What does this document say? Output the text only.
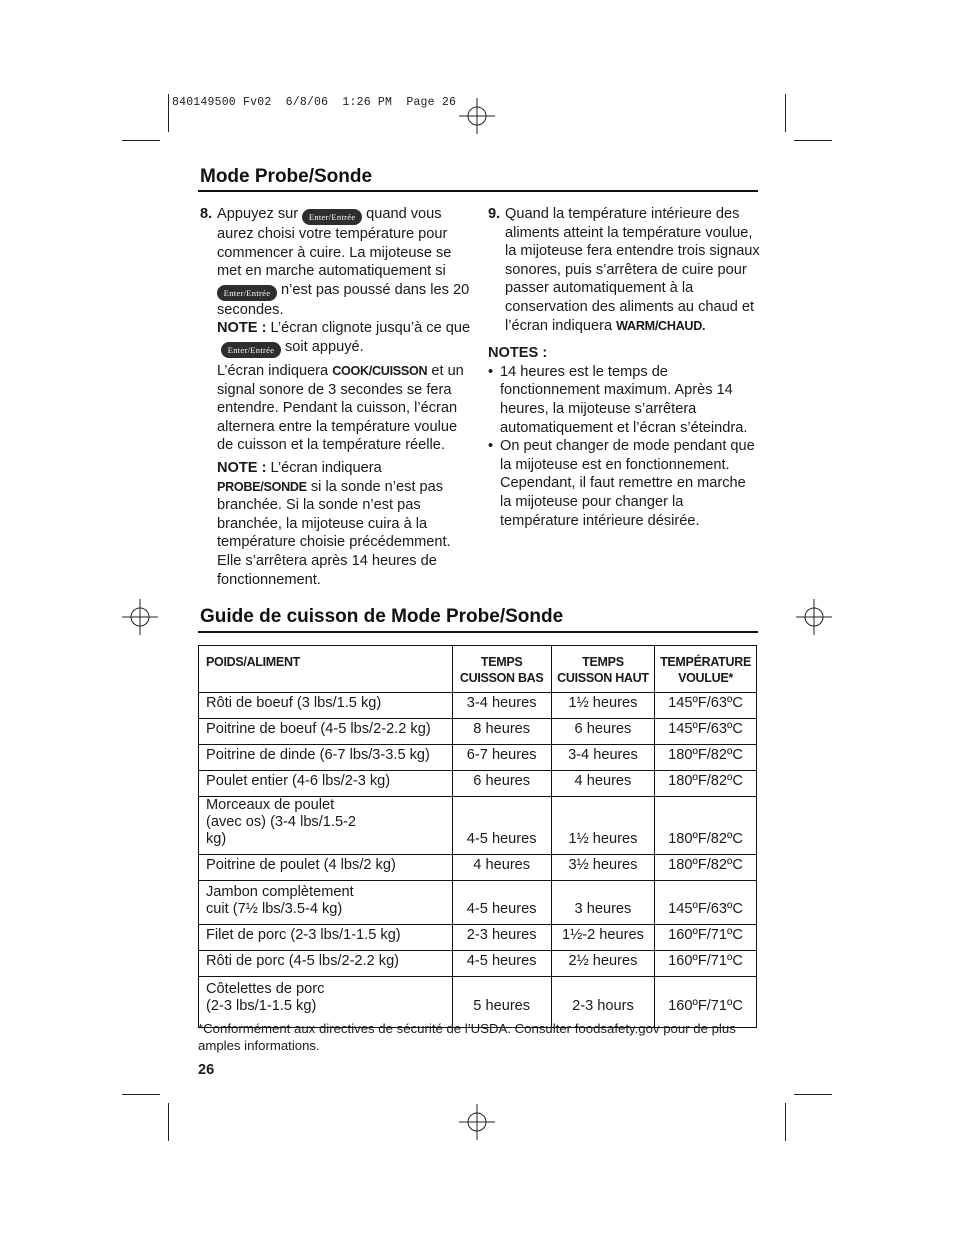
840149500 Fv02  6/8/06  1:26 PM  Page 26
Mode Probe/Sonde
8. Appuyez sur Enter/Entrée quand vous aurez choisi votre température pour commencer à cuire. La mijoteuse se met en marche automatiquement si Enter/Entrée n’est pas poussé dans les 20 secondes.

NOTE : L’écran clignote jusqu’à ce queEnter/Entrée soit appuyé.

L’écran indiquera COOK/CUISSON et un signal sonore de 3 secondes se fera entendre. Pendant la cuisson, l’écran alternera entre la température voulue de cuisson et la température réelle.

NOTE : L’écran indiquera PROBE/SONDE si la sonde n’est pas branchée. Si la sonde n’est pas branchée, la mijoteuse cuira à la température choisie précédemment. Elle s’arrêtera après 14 heures de fonctionnement.

9. Quand la température intérieure des aliments atteint la température voulue, la mijoteuse fera entendre trois signaux sonores, puis s’arrêtera de cuire pour passer automatiquement à la conservation des aliments au chaud et l’écran indiquera WARM/CHAUD.

NOTES :

• 14 heures est le temps de fonctionnement maximum. Après 14 heures, la mijoteuse s’arrêtera automatiquement et l’écran s’éteindra.
• On peut changer de mode pendant que la mijoteuse est en fonctionnement. Cependant, il faut remettre en marche la mijoteuse pour changer la température intérieure désirée.
Guide de cuisson de Mode Probe/Sonde
POIDS/ALIMENT	TEMPS CUISSON BAS	TEMPS CUISSON HAUT	TEMPÉRATURE VOULUE*
Rôti de boeuf (3 lbs/1.5 kg)	3-4 heures	1½ heures	145ºF/63ºC
Poitrine de boeuf (4-5 lbs/2-2.2 kg)	8 heures	6 heures	145ºF/63ºC
Poitrine de dinde (6-7 lbs/3-3.5 kg)	6-7 heures	3-4 heures	180ºF/82ºC
Poulet entier (4-6 lbs/2-3 kg)	6 heures	4 heures	180ºF/82ºC
Morceaux de poulet (avec os) (3-4 lbs/1.5-2 kg)	4-5 heures	1½ heures	180ºF/82ºC
Poitrine de poulet (4 lbs/2 kg)	4 heures	3½ heures	180ºF/82ºC
Jambon complètement cuit (7½ lbs/3.5-4 kg)	4-5 heures	3 heures	145ºF/63ºC
Filet de porc (2-3 lbs/1-1.5 kg)	2-3 heures	1½-2 heures	160ºF/71ºC
Rôti de porc (4-5 lbs/2-2.2 kg)	4-5 heures	2½ heures	160ºF/71ºC
Côtelettes de porc (2-3 lbs/1-1.5 kg)	5 heures	2-3 hours	160ºF/71ºC
*Conformément aux directives de sécurité de l’USDA. Consulter foodsafety.gov pour de plus amples informations.
26
